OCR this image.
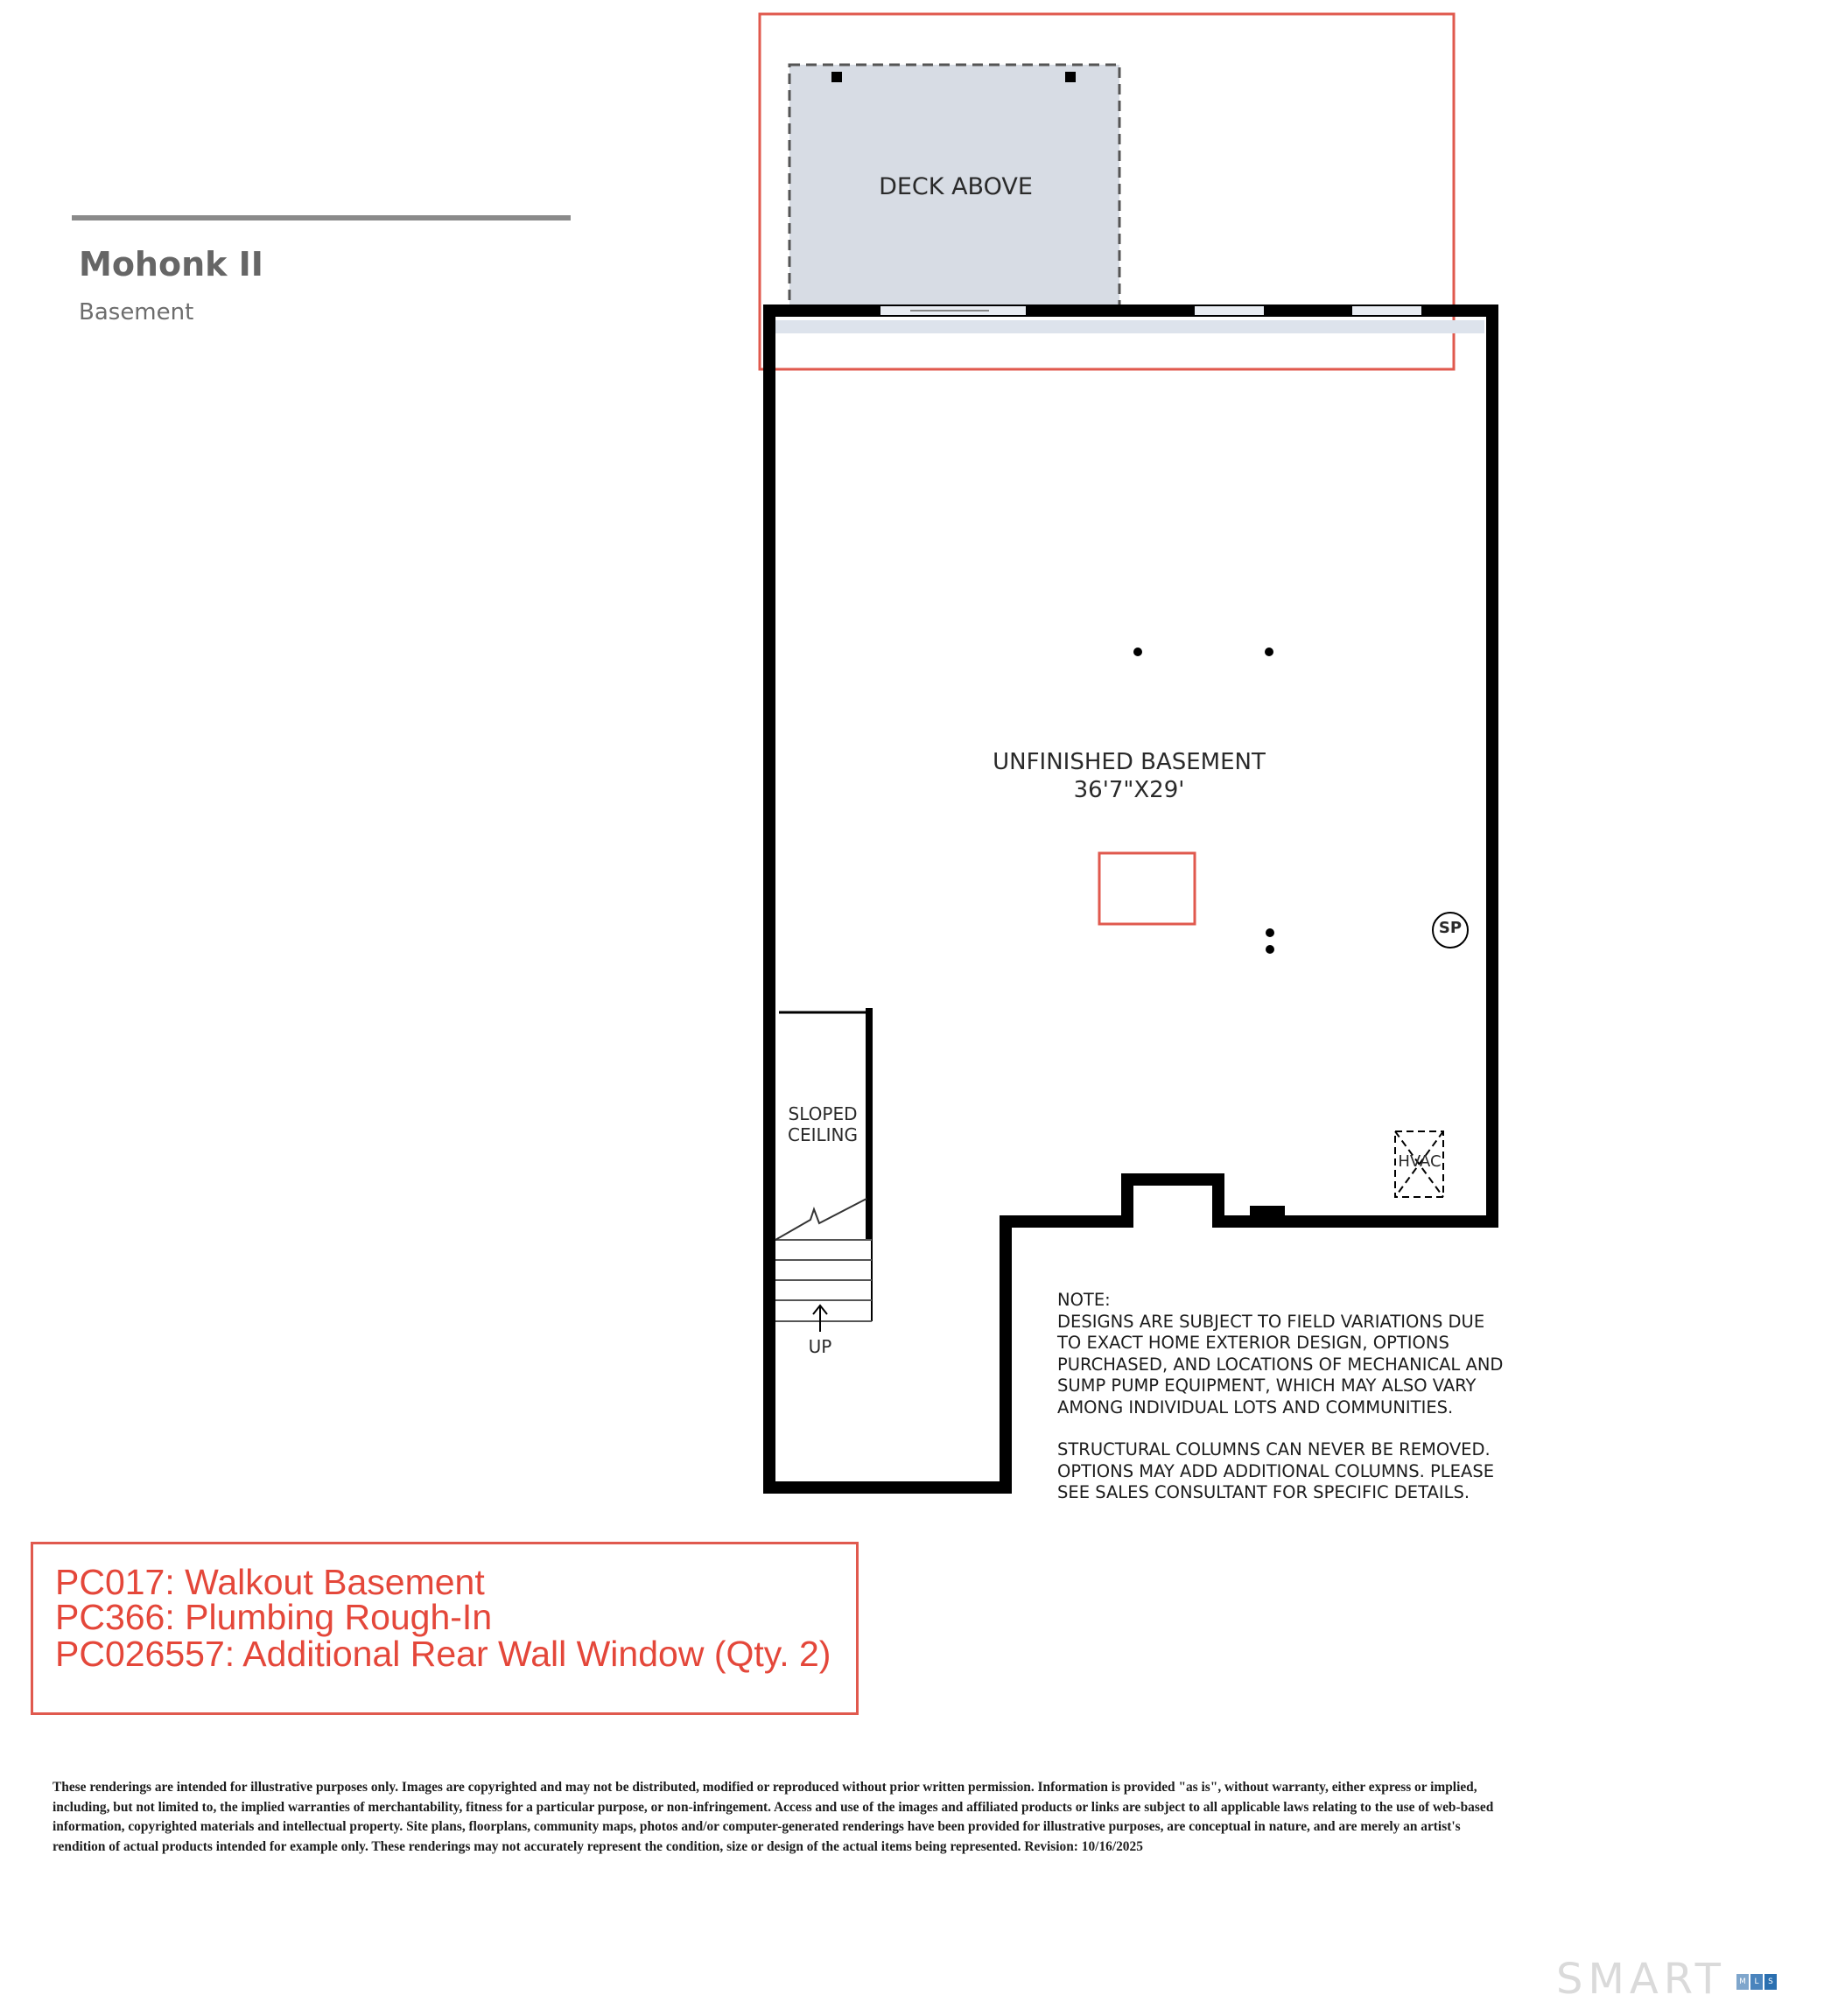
Mohonk II
Basement
DECK ABOVE
UNFINISHED BASEMENT
36'7"X29'
SLOPED
CEILING
UP
SP
HVAC

NOTE:

DESIGNS ARE SUBJECT TO FIELD VARIATIONS DUE TO EXACT HOME EXTERIOR DESIGN, OPTIONS PURCHASED, AND LOCATIONS OF MECHANICAL AND SUMP PUMP EQUIPMENT, WHICH MAY ALSO VARY AMONG INDIVIDUAL LOTS AND COMMUNITIES.

STRUCTURAL COLUMNS CAN NEVER BE REMOVED. OPTIONS MAY ADD ADDITIONAL COLUMNS. PLEASE SEE SALES CONSULTANT FOR SPECIFIC DETAILS.

PC017: Walkout Basement
PC366: Plumbing Rough-In
PC026557: Additional Rear Wall Window (Qty. 2)
These renderings are intended for illustrative purposes only. Images are copyrighted and may not be distributed, modified or reproduced without prior written permission. Information is provided "as is", without warranty, either express or implied, including, but not limited to, the implied warranties of merchantability, fitness for a particular purpose, or non-infringement. Access and use of the images and affiliated products or links are subject to all applicable laws relating to the use of web-based information, copyrighted materials and intellectual property. Site plans, floorplans, community maps, photos and/or computer-generated renderings have been provided for illustrative purposes, are conceptual in nature, and are merely an artist's rendition of actual products intended for example only. These renderings may not accurately represent the condition, size or design of the actual items being represented. Revision: 10/16/2025
SMART	M	L	S
